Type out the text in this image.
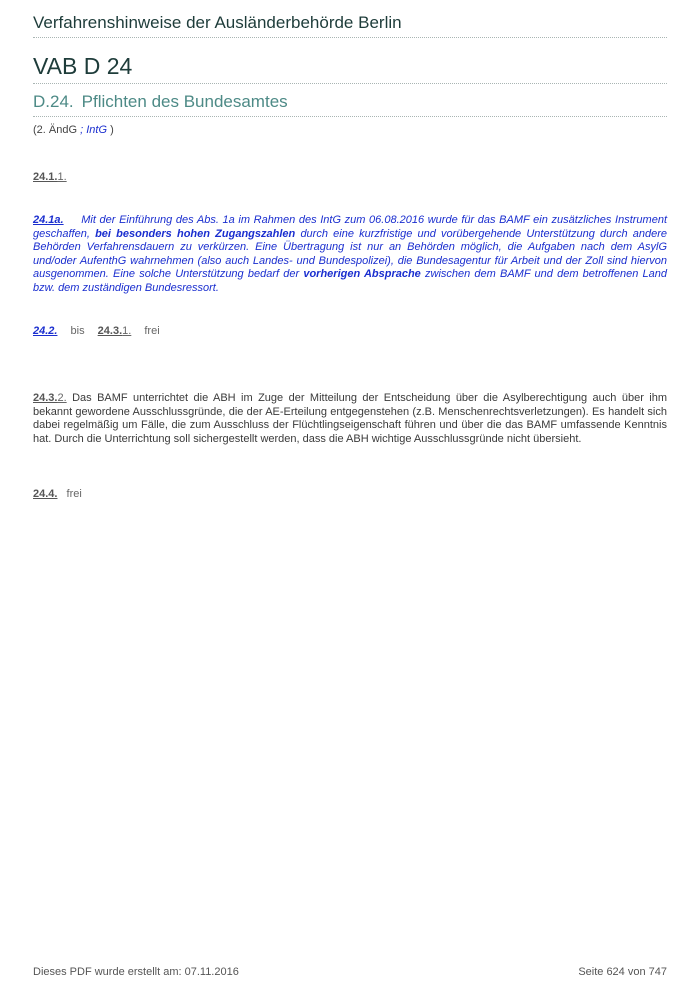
Verfahrenshinweise der Ausländerbehörde Berlin
VAB D 24
D.24. Pflichten des Bundesamtes
(2. ÄndG ; IntG )
24.1.1.
24.1a. Mit der Einführung des Abs. 1a im Rahmen des IntG zum 06.08.2016 wurde für das BAMF ein zusätzliches Instrument geschaffen, bei besonders hohen Zugangszahlen durch eine kurzfristige und vorübergehende Unterstützung durch andere Behörden Verfahrensdauern zu verkürzen. Eine Übertragung ist nur an Behörden möglich, die Aufgaben nach dem AsylG und/oder AufenthG wahrnehmen (also auch Landes- und Bundespolizei), die Bundesagentur für Arbeit und der Zoll sind hiervon ausgenommen. Eine solche Unterstützung bedarf der vorherigen Absprache zwischen dem BAMF und dem betroffenen Land bzw. dem zuständigen Bundesressort.
24.2. bis 24.3.1. frei
24.3.2. Das BAMF unterrichtet die ABH im Zuge der Mitteilung der Entscheidung über die Asylberechtigung auch über ihm bekannt gewordene Ausschlussgründe, die der AE-Erteilung entgegenstehen (z.B. Menschenrechtsverletzungen). Es handelt sich dabei regelmäßig um Fälle, die zum Ausschluss der Flüchtlingseigenschaft führen und über die das BAMF umfassende Kenntnis hat. Durch die Unterrichtung soll sichergestellt werden, dass die ABH wichtige Ausschlussgründe nicht übersieht.
24.4. frei
Dieses PDF wurde erstellt am: 07.11.2016	Seite 624 von 747
